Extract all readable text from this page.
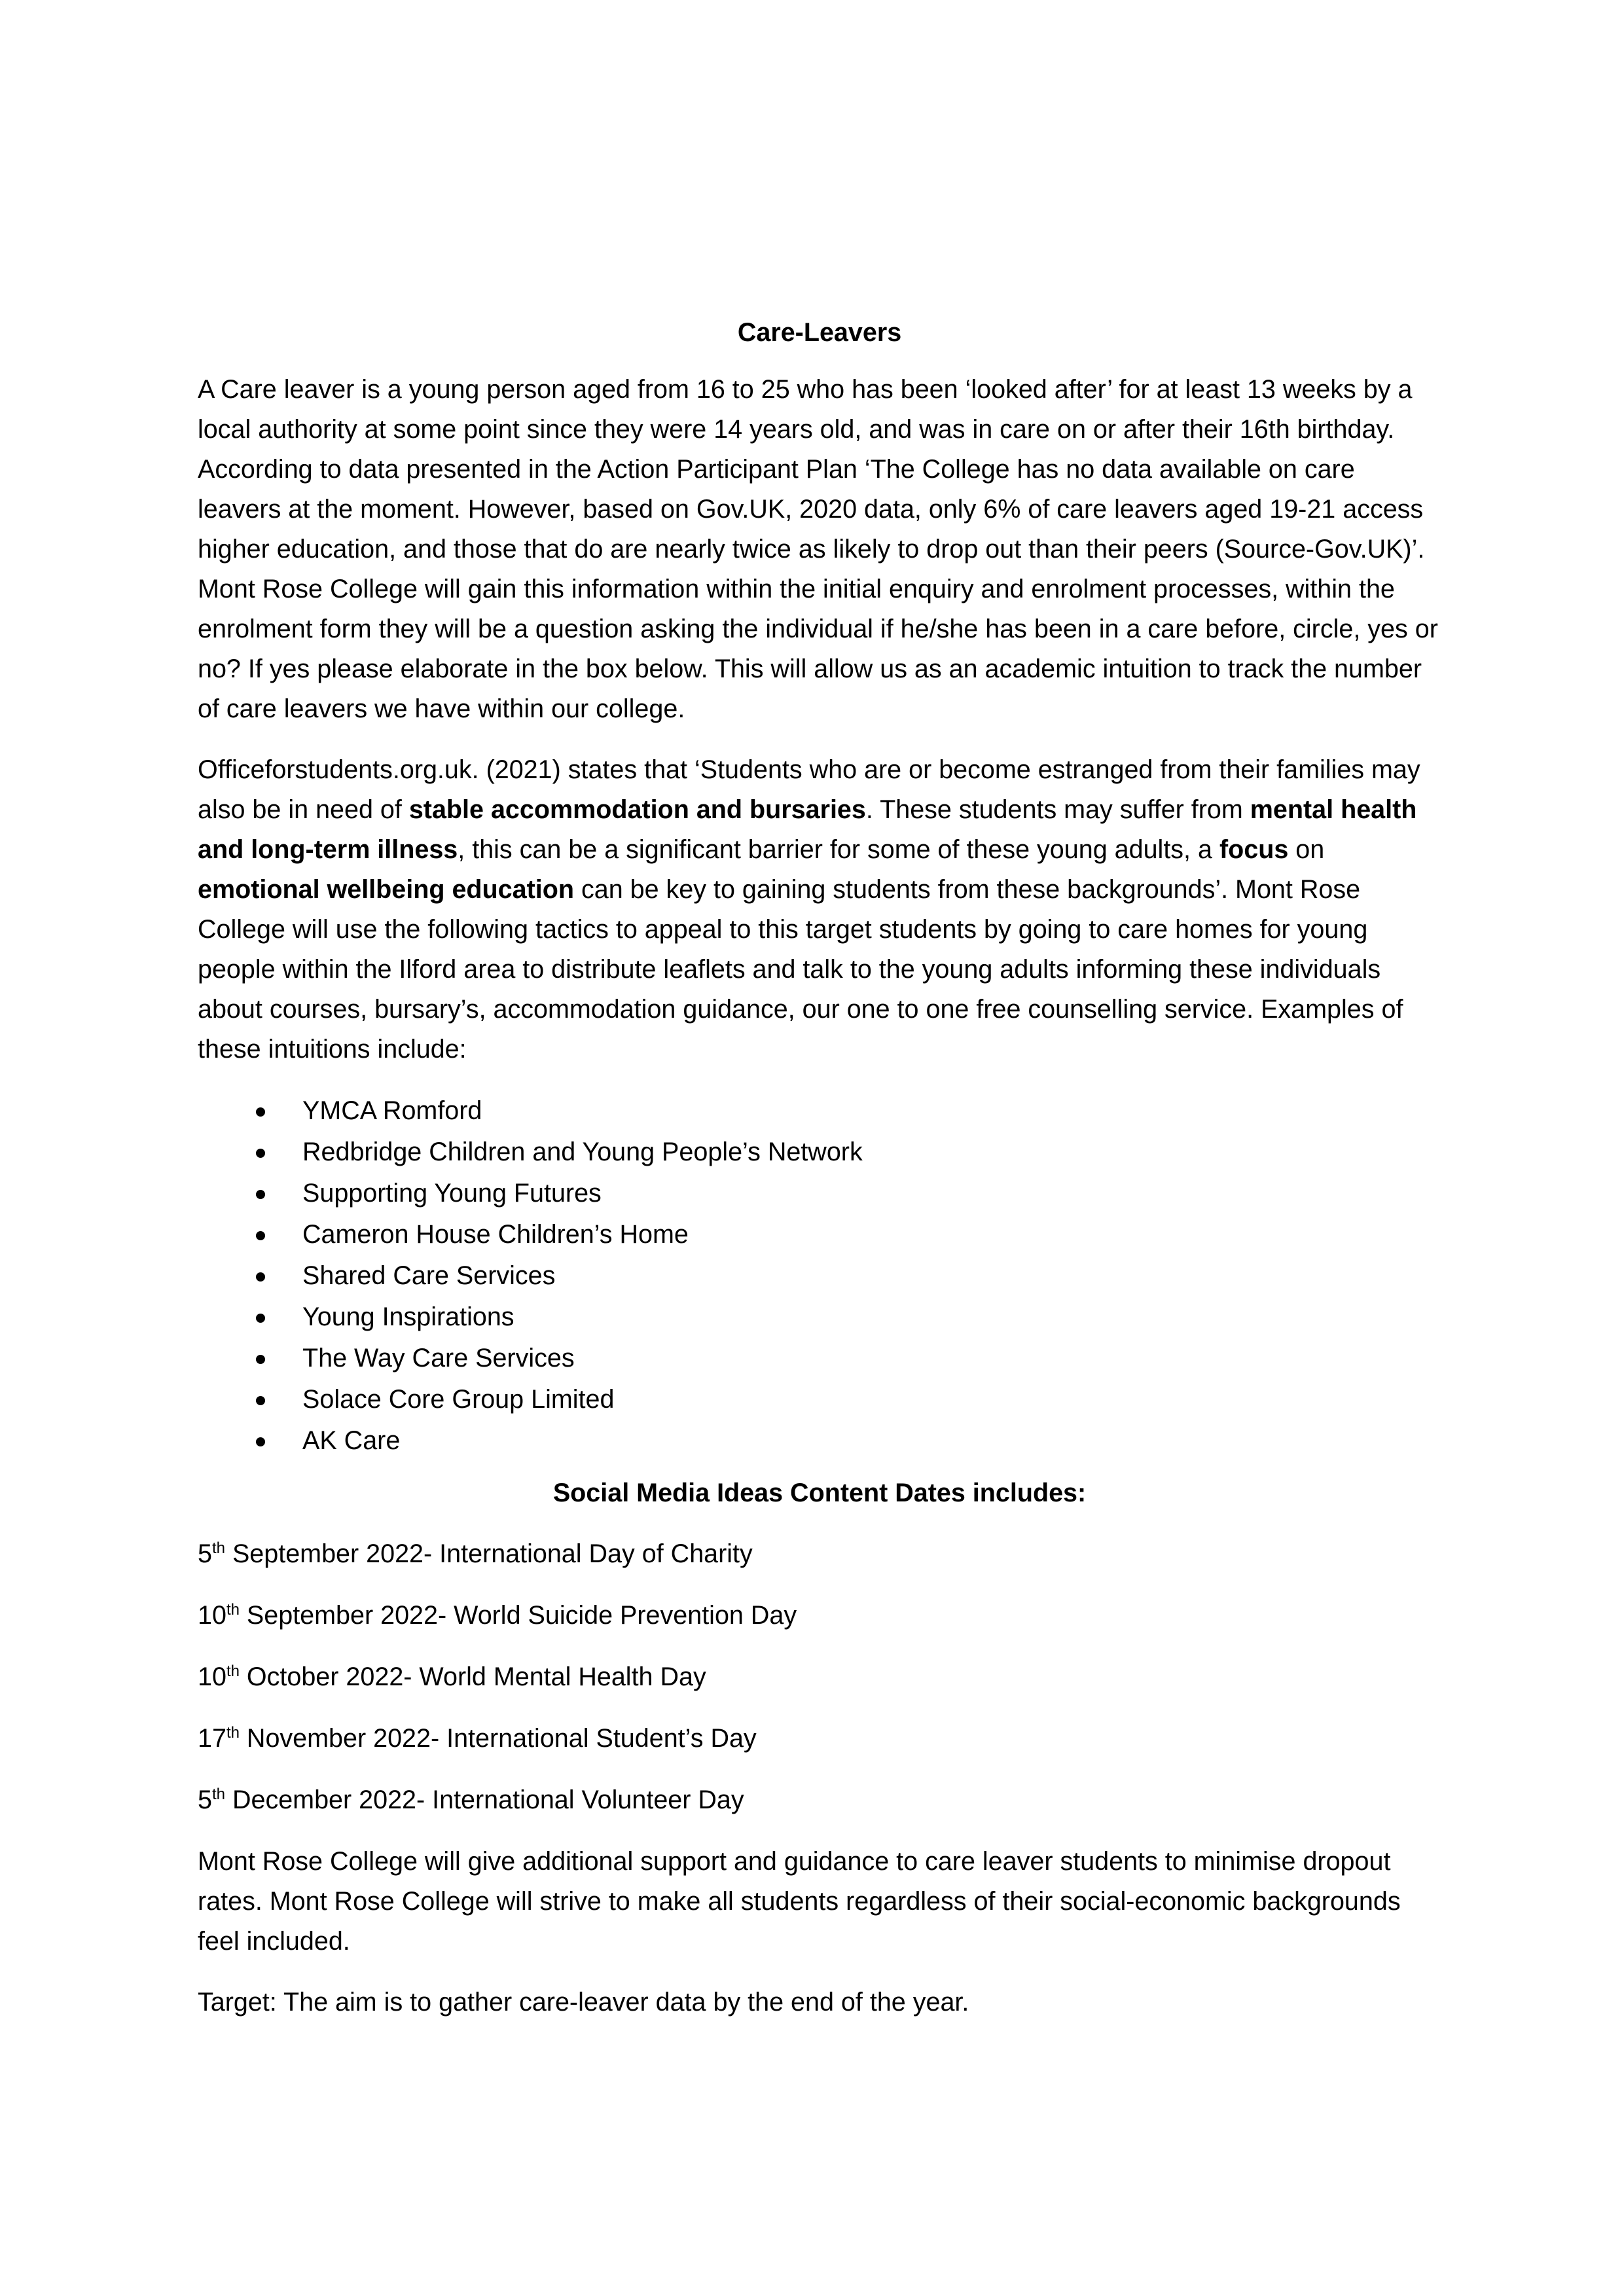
Care-Leavers

A Care leaver is a young person aged from 16 to 25 who has been ‘looked after’ for at least 13 weeks by a local authority at some point since they were 14 years old, and was in care on or after their 16th birthday. According to data presented in the Action Participant Plan ‘The College has no data available on care leavers at the moment. However, based on Gov.UK, 2020 data, only 6% of care leavers aged 19-21 access higher education, and those that do are nearly twice as likely to drop out than their peers (Source-Gov.UK)’. Mont Rose College will gain this information within the initial enquiry and enrolment processes, within the enrolment form they will be a question asking the individual if he/she has been in a care before, circle, yes or no? If yes please elaborate in the box below. This will allow us as an academic intuition to track the number of care leavers we have within our college.

Officeforstudents.org.uk. (2021) states that ‘Students who are or become estranged from their families may also be in need of stable accommodation and bursaries. These students may suffer from mental health and long-term illness, this can be a significant barrier for some of these young adults, a focus on emotional wellbeing education can be key to gaining students from these backgrounds’. Mont Rose College will use the following tactics to appeal to this target students by going to care homes for young people within the Ilford area to distribute leaflets and talk to the young adults informing these individuals about courses, bursary’s, accommodation guidance, our one to one free counselling service. Examples of these intuitions include:

YMCA Romford
Redbridge Children and Young People’s Network
Supporting Young Futures
Cameron House Children’s Home
Shared Care Services
Young Inspirations
The Way Care Services
Solace Core Group Limited
AK Care
Social Media Ideas Content Dates includes:
5th September 2022- International Day of Charity
10th September 2022- World Suicide Prevention Day
10th October 2022- World Mental Health Day
17th November 2022- International Student’s Day
5th December 2022- International Volunteer Day

Mont Rose College will give additional support and guidance to care leaver students to minimise dropout rates. Mont Rose College will strive to make all students regardless of their social-economic backgrounds feel included.

Target: The aim is to gather care-leaver data by the end of the year.
